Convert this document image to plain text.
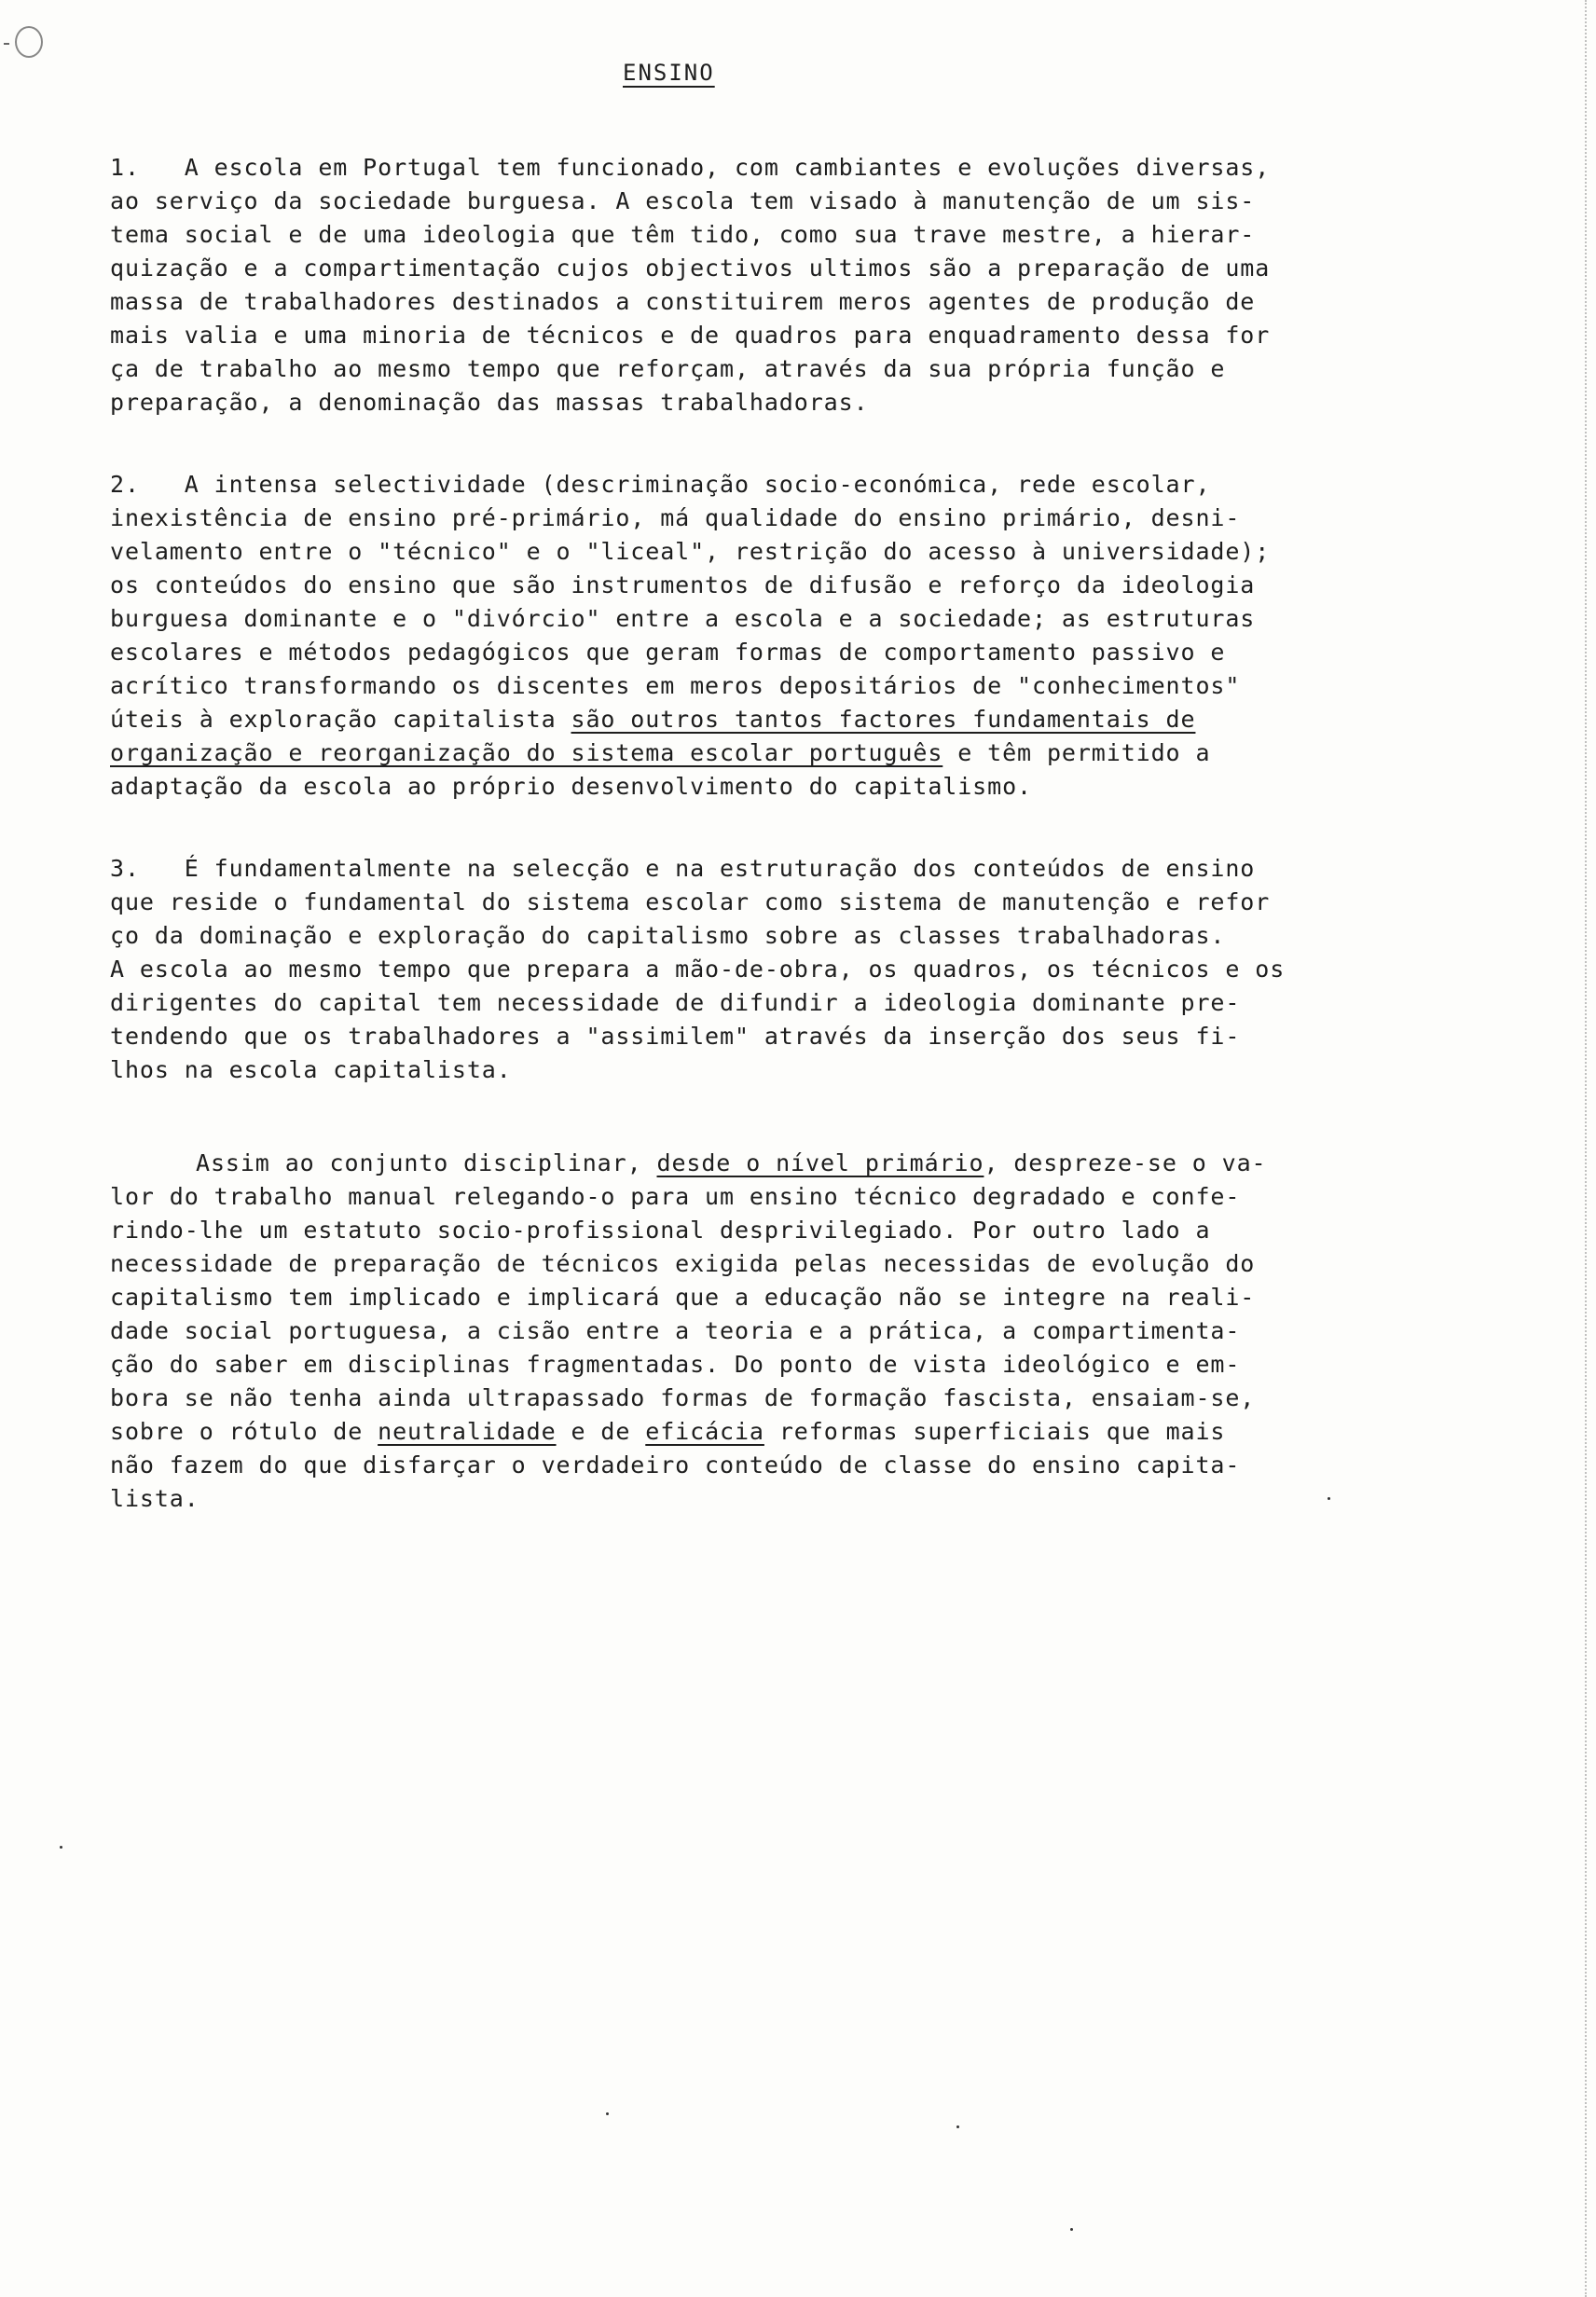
ENSINO
1.   A escola em Portugal tem funcionado, com cambiantes e evoluções diversas,
ao serviço da sociedade burguesa. A escola tem visado à manutenção de um sis-
tema social e de uma ideologia que têm tido, como sua trave mestre, a hierar-
quização e a compartimentação cujos objectivos ultimos são a preparação de uma
massa de trabalhadores destinados a constituirem meros agentes de produção de
mais valia e uma minoria de técnicos e de quadros para enquadramento dessa for
ça de trabalho ao mesmo tempo que reforçam, através da sua própria função e
preparação, a denominação das massas trabalhadoras.
2.   A intensa selectividade (descriminação socio-económica, rede escolar,
inexistência de ensino pré-primário, má qualidade do ensino primário, desni-
velamento entre o "técnico" e o "liceal", restrição do acesso à universidade);
os conteúdos do ensino que são instrumentos de difusão e reforço da ideologia
burguesa dominante e o "divórcio" entre a escola e a sociedade; as estruturas
escolares e métodos pedagógicos que geram formas de comportamento passivo e
acrítico transformando os discentes em meros depositários de "conhecimentos"
úteis à exploração capitalista são outros tantos factores fundamentais de
organização e reorganização do sistema escolar português e têm permitido a
adaptação da escola ao próprio desenvolvimento do capitalismo.
3.   É fundamentalmente na selecção e na estruturação dos conteúdos de ensino
que reside o fundamental do sistema escolar como sistema de manutenção e refor
ço da dominação e exploração do capitalismo sobre as classes trabalhadoras.
A escola ao mesmo tempo que prepara a mão-de-obra, os quadros, os técnicos e os
dirigentes do capital tem necessidade de difundir a ideologia dominante pre-
tendendo que os trabalhadores a "assimilem" através da inserção dos seus fi-
lhos na escola capitalista.
Assim ao conjunto disciplinar, desde o nível primário, despreze-se o va-
lor do trabalho manual relegando-o para um ensino técnico degradado e confe-
rindo-lhe um estatuto socio-profissional desprivilegiado. Por outro lado a
necessidade de preparação de técnicos exigida pelas necessidas de evolução do
capitalismo tem implicado e implicará que a educação não se integre na reali-
dade social portuguesa, a cisão entre a teoria e a prática, a compartimenta-
ção do saber em disciplinas fragmentadas. Do ponto de vista ideológico e em-
bora se não tenha ainda ultrapassado formas de formação fascista, ensaiam-se,
sobre o rótulo de neutralidade e de eficácia reformas superficiais que mais
não fazem do que disfarçar o verdadeiro conteúdo de classe do ensino capita-
lista.
